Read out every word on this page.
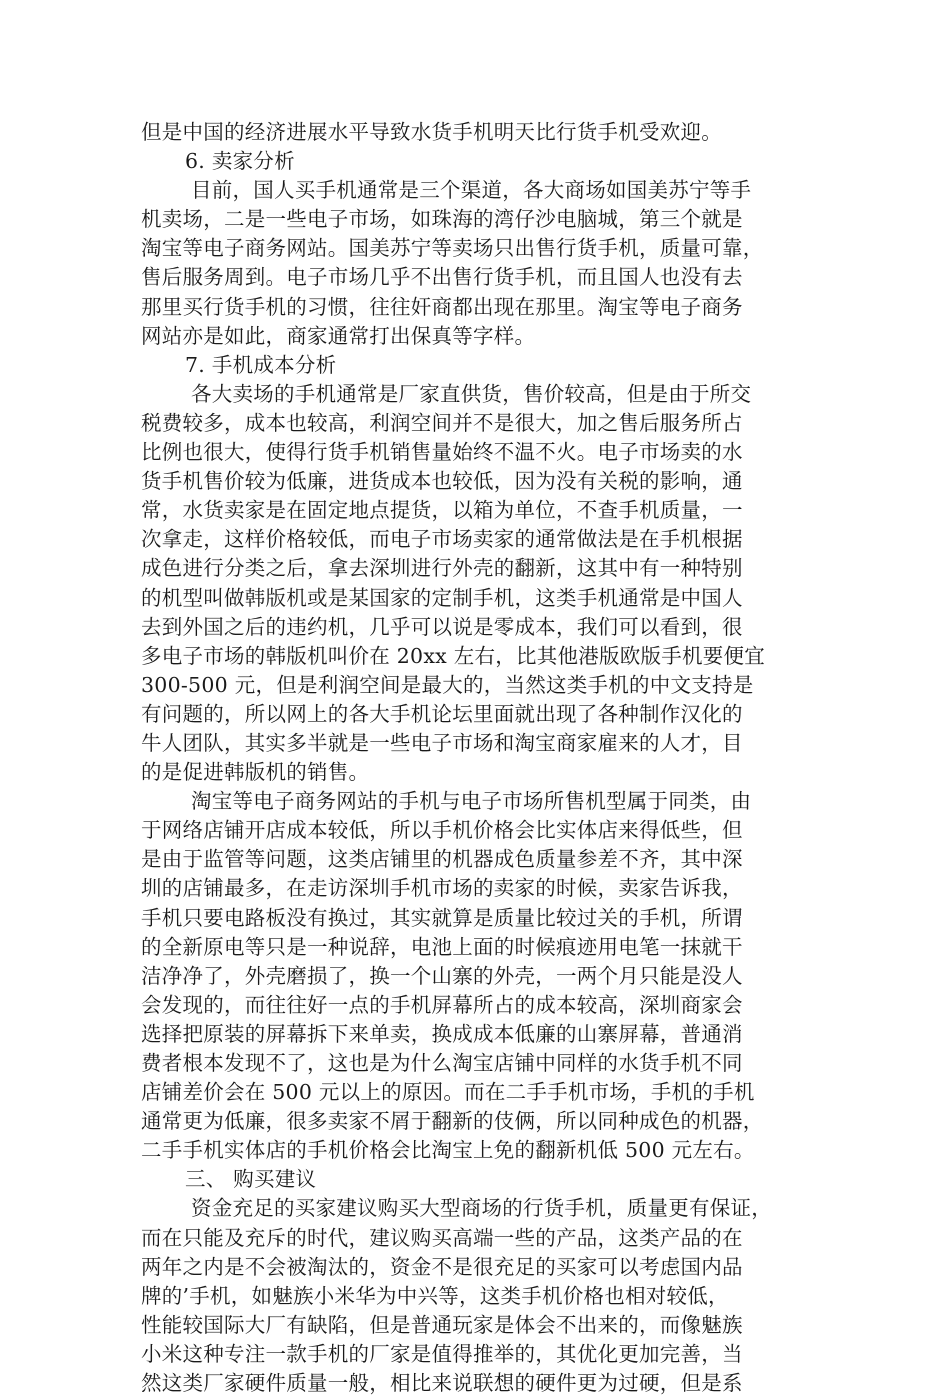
但是中国的经济进展水平导致水货手机明天比行货手机受欢迎。
6. 卖家分析
目前，国人买手机通常是三个渠道，各大商场如国美苏宁等手
机卖场，二是一些电子市场，如珠海的湾仔沙电脑城，第三个就是
淘宝等电子商务网站。国美苏宁等卖场只出售行货手机，质量可靠，
售后服务周到。电子市场几乎不出售行货手机，而且国人也没有去
那里买行货手机的习惯，往往奸商都出现在那里。淘宝等电子商务
网站亦是如此，商家通常打出保真等字样。
7. 手机成本分析
各大卖场的手机通常是厂家直供货，售价较高，但是由于所交
税费较多，成本也较高，利润空间并不是很大，加之售后服务所占
比例也很大，使得行货手机销售量始终不温不火。电子市场卖的水
货手机售价较为低廉，进货成本也较低，因为没有关税的影响，通
常，水货卖家是在固定地点提货，以箱为单位，不查手机质量，一
次拿走，这样价格较低，而电子市场卖家的通常做法是在手机根据
成色进行分类之后，拿去深圳进行外壳的翻新，这其中有一种特别
的机型叫做韩版机或是某国家的定制手机，这类手机通常是中国人
去到外国之后的违约机，几乎可以说是零成本，我们可以看到，很
多电子市场的韩版机叫价在 20xx 左右，比其他港版欧版手机要便宜
300-500 元，但是利润空间是最大的，当然这类手机的中文支持是
有问题的，所以网上的各大手机论坛里面就出现了各种制作汉化的
牛人团队，其实多半就是一些电子市场和淘宝商家雇来的人才，目
的是促进韩版机的销售。
淘宝等电子商务网站的手机与电子市场所售机型属于同类，由
于网络店铺开店成本较低，所以手机价格会比实体店来得低些，但
是由于监管等问题，这类店铺里的机器成色质量参差不齐，其中深
圳的店铺最多，在走访深圳手机市场的卖家的时候，卖家告诉我，
手机只要电路板没有换过，其实就算是质量比较过关的手机，所谓
的全新原电等只是一种说辞，电池上面的时候痕迹用电笔一抹就干
洁净净了，外壳磨损了，换一个山寨的外壳，一两个月只能是没人
会发现的，而往往好一点的手机屏幕所占的成本较高，深圳商家会
选择把原装的屏幕拆下来单卖，换成成本低廉的山寨屏幕，普通消
费者根本发现不了，这也是为什么淘宝店铺中同样的水货手机不同
店铺差价会在 500 元以上的原因。而在二手手机市场，手机的手机
通常更为低廉，很多卖家不屑于翻新的伎俩，所以同种成色的机器，
二手手机实体店的手机价格会比淘宝上免的翻新机低 500 元左右。
三、 购买建议
资金充足的买家建议购买大型商场的行货手机，质量更有保证，
而在只能及充斥的时代，建议购买高端一些的产品，这类产品的在
两年之内是不会被淘汰的，资金不是很充足的买家可以考虑国内品
牌的’手机，如魅族小米华为中兴等，这类手机价格也相对较低，
性能较国际大厂有缺陷，但是普通玩家是体会不出来的，而像魅族
小米这种专注一款手机的厂家是值得推举的，其优化更加完善，当
然这类厂家硬件质量一般，相比来说联想的硬件更为过硬，但是系
